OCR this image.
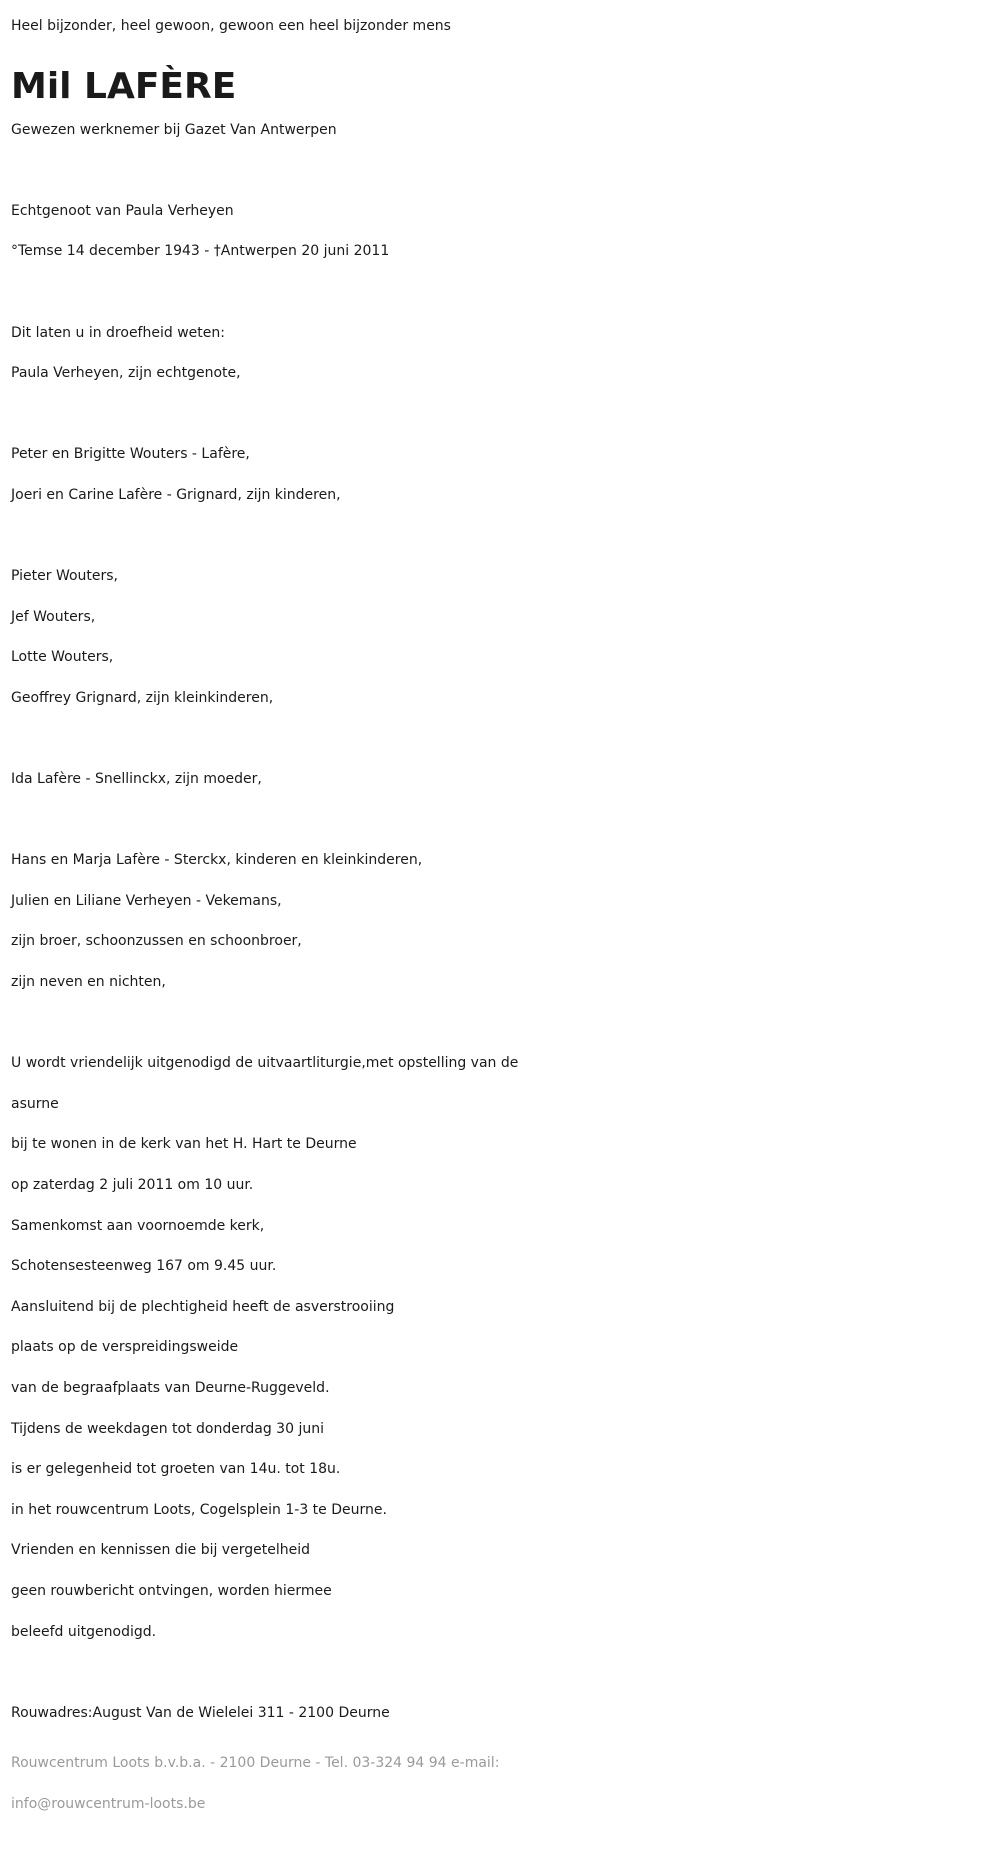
Heel bijzonder, heel gewoon, gewoon een heel bijzonder mens
Mil LAFÈRE
Gewezen werknemer bij Gazet Van Antwerpen
Echtgenoot van Paula Verheyen
°Temse 14 december 1943 - †Antwerpen 20 juni 2011
Dit laten u in droefheid weten:
Paula Verheyen, zijn echtgenote,
Peter en Brigitte Wouters - Lafère,
Joeri en Carine Lafère - Grignard, zijn kinderen,
Pieter Wouters,
Jef Wouters,
Lotte Wouters,
Geoffrey Grignard, zijn kleinkinderen,
Ida Lafère - Snellinckx, zijn moeder,
Hans en Marja Lafère - Sterckx, kinderen en kleinkinderen,
Julien en Liliane Verheyen - Vekemans,
zijn broer, schoonzussen en schoonbroer,
zijn neven en nichten,
U wordt vriendelijk uitgenodigd de uitvaartliturgie,met opstelling van de
asurne
bij te wonen in de kerk van het H. Hart te Deurne
op zaterdag 2 juli 2011 om 10 uur.
Samenkomst aan voornoemde kerk,
Schotensesteenweg 167 om 9.45 uur.
Aansluitend bij de plechtigheid heeft de asverstrooiing
plaats op de verspreidingsweide
van de begraafplaats van Deurne-Ruggeveld.
Tijdens de weekdagen tot donderdag 30 juni
is er gelegenheid tot groeten van 14u. tot 18u.
in het rouwcentrum Loots, Cogelsplein 1-3 te Deurne.
Vrienden en kennissen die bij vergetelheid
geen rouwbericht ontvingen, worden hiermee
beleefd uitgenodigd.
Rouwadres:August Van de Wielelei 311 - 2100 Deurne
Rouwcentrum Loots b.v.b.a. - 2100 Deurne - Tel. 03-324 94 94 e-mail:
info@rouwcentrum-loots.be
